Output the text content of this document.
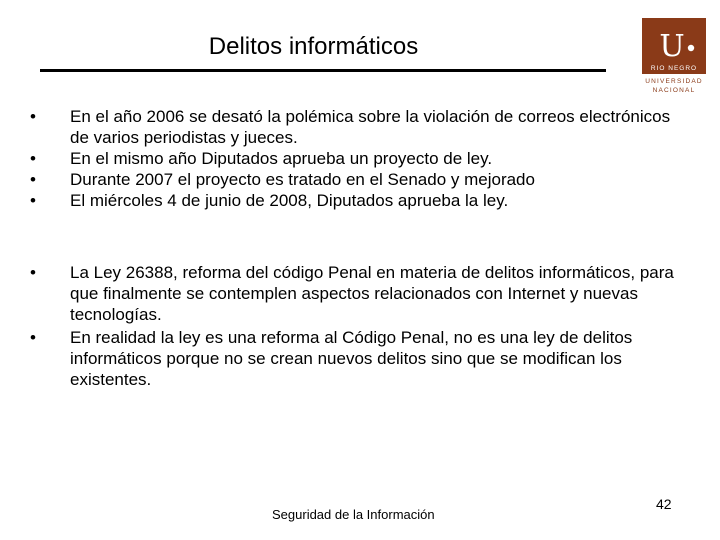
Delitos informáticos	U
RIO NEGRO
UNIVERSIDAD
NACIONAL
•	En el año 2006 se desató la polémica sobre la violación de correos electrónicos de varios periodistas y jueces.
•	En el mismo año Diputados aprueba un proyecto de ley.
•	Durante 2007 el proyecto es tratado en el Senado y mejorado
•	El miércoles 4 de junio de 2008, Diputados aprueba la ley.
•	La Ley 26388, reforma del código Penal en materia de delitos informáticos, para que finalmente se contemplen aspectos relacionados con Internet y nuevas tecnologías.
•	En realidad la ley es una reforma al Código Penal, no es una ley de delitos informáticos porque no se crean nuevos delitos sino que se modifican los existentes.
Seguridad de la Información
42
